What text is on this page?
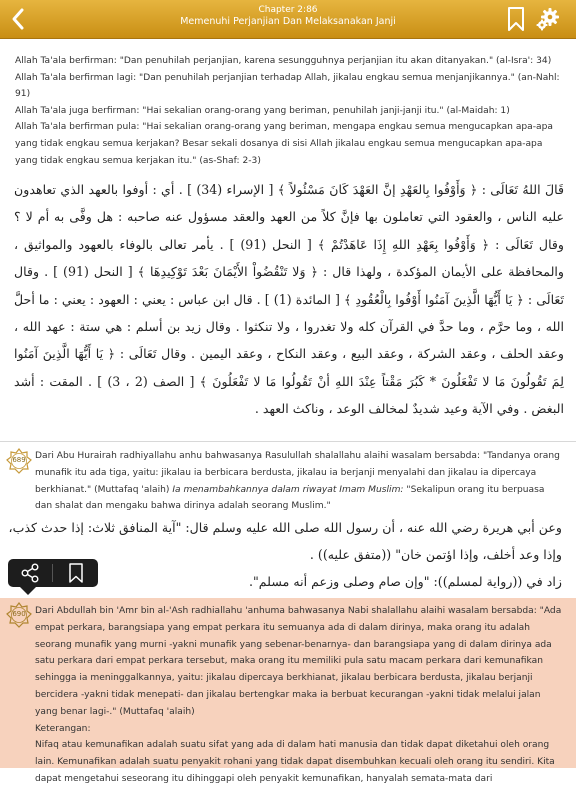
Chapter 2:86
Memenuhi Perjanjian Dan Melaksanakan Janji

Allah Ta'ala berfirman: "Dan penuhilah perjanjian, karena sesungguhnya perjanjian itu akan ditanyakan." (al-Isra': 34)

Allah Ta'ala berfirman lagi: "Dan penuhilah perjanjian terhadap Allah, jikalau engkau semua menjanjikannya." (an-Nahl: 91)

Allah Ta'ala juga berfirman: "Hai sekalian orang-orang yang beriman, penuhilah janji-janji itu." (al-Maidah: 1)

Allah Ta'ala berfirman pula: "Hai sekalian orang-orang yang beriman, mengapa engkau semua mengucapkan apa-apa yang tidak engkau semua kerjakan? Besar sekali dosanya di sisi Allah jikalau engkau semua mengucapkan apa-apa yang tidak engkau semua kerjakan itu." (as-Shaf: 2-3)

قَالَ اللهُ تَعَالَى : ﴿ وَأَوْفُوا بِالعَهْدِ إنَّ العَهْدَ كَانَ مَسْئُولاً ﴾ [ الإسراء (34) ] . أي : أوفوا بالعهد الذي تعاهدون عليه الناس ، والعقود التي تعاملون بها فإنَّ كلاً من العهد والعقد مسؤول عنه صاحبه : هل وفَّى به أم لا ؟ وقال تَعَالَى : ﴿ وَأَوْفُوا بِعَهْدِ اللهِ إِذَا عَاهَدْتُمْ ﴾ [ النحل (91) ] . يأمر تعالى بالوفاء بالعهود والمواثيق ، والمحافظة على الأيمان المؤكدة ، ولهذا قال : ﴿ وَلا تَنْقُضُواْ الأَيْمَانَ بَعْدَ تَوْكِيدِهَا ﴾ [ النحل (91) ] . وقال تَعَالَى : ﴿ يَا أَيُّهَا الَّذِينَ آمَنُوا أَوْفُوا بِالْعُقُودِ ﴾ [ المائدة (1) ] . قال ابن عباس : يعني : العهود : يعني : ما أحلَّ الله ، وما حرَّم ، وما حدَّ في القرآن كله ولا تغدروا ، ولا تنكثوا . وقال زيد بن أسلم : هي ستة : عهد الله ، وعقد الحلف ، وعقد الشركة ، وعقد البيع ، وعقد النكاح ، وعقد اليمين . وقال تَعَالَى : ﴿ يَا أَيُّهَا الَّذِينَ آمَنُوا لِمَ تَقُولُونَ مَا لا تَفْعَلُونَ * كَبُرَ مَقْتاً عِنْدَ اللهِ أنْ تَقُولُوا مَا لا تَفْعَلُونَ ﴾ [ الصف (2 ، 3) ] . المقت : أشد البغض . وفي الآية وعيد شديدٌ لمخالف الوعد ، وناكث العهد .
689	Dari Abu Hurairah radhiyallahu anhu bahwasanya Rasulullah shalallahu alaihi wasalam bersabda: "Tandanya orang munafik itu ada tiga, yaitu: jikalau ia berbicara berdusta, jikalau ia berjanji menyalahi dan jikalau ia dipercaya berkhianat." (Muttafaq 'alaih) Ia menambahkannya dalam riwayat Imam Muslim: "Sekalipun orang itu berpuasa dan shalat dan mengaku bahwa dirinya adalah seorang Muslim."
وعن أبي هريرة رضي الله عنه ، أن رسول الله صلى الله عليه وسلم قال: "آية المنافق ثلاث: إذا حدث كذب،
وإذا وعد أخلف، وإذا اؤتمن خان" ((متفق عليه)) .
زاد في ((رواية لمسلم)): "وإن صام وصلى وزعم أنه مسلم".
690	Dari Abdullah bin 'Amr bin al-'Ash radhiallahu 'anhuma bahwasanya Nabi shalallahu alaihi wasalam bersabda: "Ada empat perkara, barangsiapa yang empat perkara itu semuanya ada di dalam dirinya, maka orang itu adalah seorang munafik yang murni -yakni munafik yang sebenar-benarnya- dan barangsiapa yang di dalam dirinya ada satu perkara dari empat perkara tersebut, maka orang itu memiliki pula satu macam perkara dari kemunafikan sehingga ia meninggalkannya, yaitu: jikalau dipercaya berkhianat, jikalau berbicara berdusta, jikalau berjanji bercidera -yakni tidak menepati- dan jikalau bertengkar maka ia berbuat kecurangan -yakni tidak melalui jalan yang benar lagi-." (Muttafaq 'alaih)
Keterangan:
Nifaq atau kemunafikan adalah suatu sifat yang ada di dalam hati manusia dan tidak dapat diketahui oleh orang lain. Kemunafikan adalah suatu penyakit rohani yang tidak dapat disembuhkan kecuali oleh orang itu sendiri. Kita dapat mengetahui seseorang itu dihinggapi oleh penyakit kemunafikan, hanyalah semata-mata dari
